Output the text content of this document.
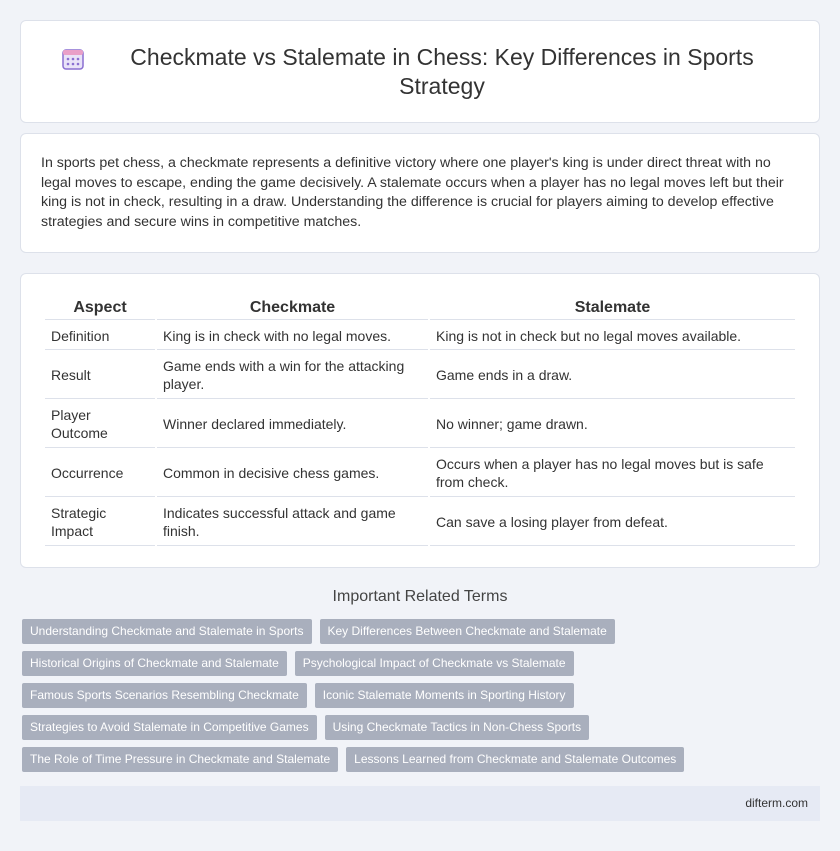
Checkmate vs Stalemate in Chess: Key Differences in Sports Strategy

In sports pet chess, a checkmate represents a definitive victory where one player's king is under direct threat with no legal moves to escape, ending the game decisively. A stalemate occurs when a player has no legal moves left but their king is not in check, resulting in a draw. Understanding the difference is crucial for players aiming to develop effective strategies and secure wins in competitive matches.

Aspect	Checkmate	Stalemate
Definition	King is in check with no legal moves.	King is not in check but no legal moves available.
Result	Game ends with a win for the attacking player.	Game ends in a draw.
Player Outcome	Winner declared immediately.	No winner; game drawn.
Occurrence	Common in decisive chess games.	Occurs when a player has no legal moves but is safe from check.
Strategic Impact	Indicates successful attack and game finish.	Can save a losing player from defeat.
Important Related Terms
Understanding Checkmate and Stalemate in Sports	Key Differences Between Checkmate and Stalemate
Historical Origins of Checkmate and Stalemate	Psychological Impact of Checkmate vs Stalemate
Famous Sports Scenarios Resembling Checkmate	Iconic Stalemate Moments in Sporting History
Strategies to Avoid Stalemate in Competitive Games	Using Checkmate Tactics in Non-Chess Sports
The Role of Time Pressure in Checkmate and Stalemate	Lessons Learned from Checkmate and Stalemate Outcomes
difterm.com
